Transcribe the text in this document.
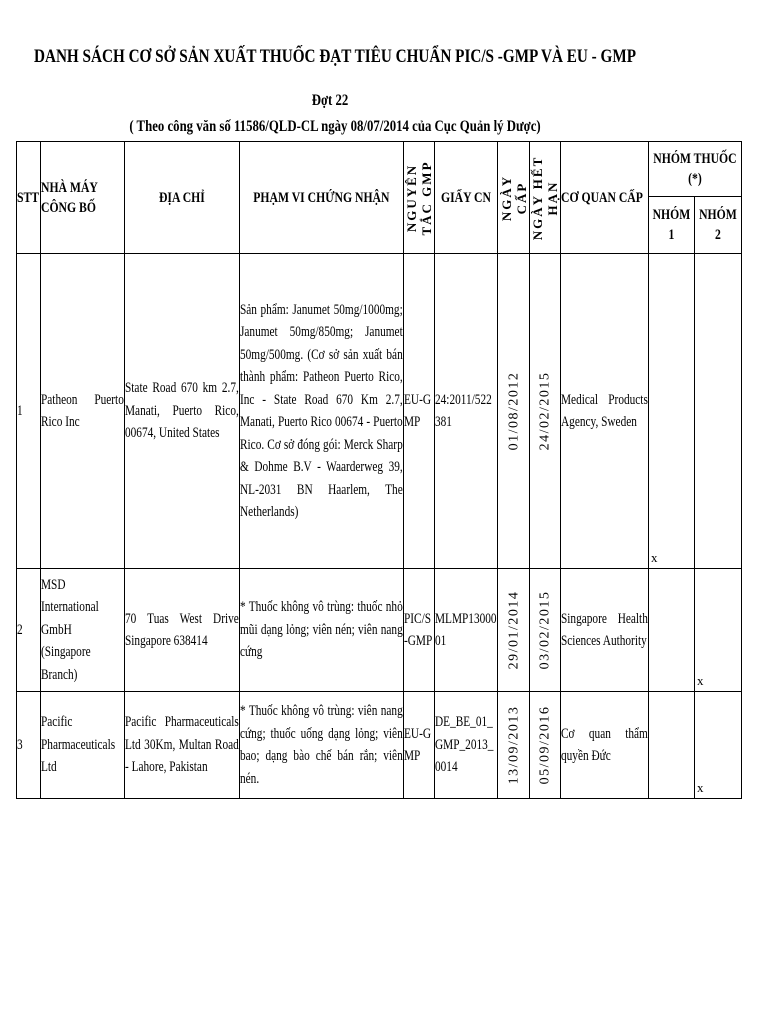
DANH SÁCH CƠ SỞ SẢN XUẤT THUỐC ĐẠT TIÊU CHUẨN PIC/S -GMP VÀ EU - GMP
Đợt 22
( Theo công văn số 11586/QLD-CL ngày 08/07/2014 của Cục Quản lý Dược)
STT	NHÀ MÁY CÔNG BỐ	ĐỊA CHỈ	PHẠM VI CHỨNG NHẬN	NGUYÊN TẮC GMP	GIẤY CN	NGÀY CẤP	NGÀY HẾT HẠN	CƠ QUAN CẤP	NHÓM THUỐC (*)	

									NHÓM 1	NHÓM 2

1	Patheon Puerto Rico Inc	State Road 670 km 2.7, Manati, Puerto Rico, 00674, United States	Sản phẩm: Janumet 50mg/1000mg; Janumet 50mg/850mg; Janumet 50mg/500mg. (Cơ sở sản xuất bán thành phẩm: Patheon Puerto Rico, Inc - State Road 670 Km 2.7, Manati, Puerto Rico 00674 - Puerto Rico. Cơ sở đóng gói: Merck Sharp & Dohme B.V - Waarderweg 39, NL-2031 BN Haarlem, The Netherlands)	EU-GMP	24:2011/522381	01/08/2012	24/02/2015	Medical Products Agency, Sweden	x	

2	MSD International GmbH (Singapore Branch)	70 Tuas West Drive Singapore 638414	* Thuốc không vô trùng: thuốc nhỏ mũi dạng lỏng; viên nén; viên nang cứng	PIC/S-GMP	MLMP1300001	29/01/2014	03/02/2015	Singapore Health Sciences Authority		x

3	Pacific Pharmaceuticals Ltd	Pacific Pharmaceuticals Ltd 30Km, Multan Road - Lahore, Pakistan	* Thuốc không vô trùng: viên nang cứng; thuốc uống dạng lỏng; viên bao; dạng bào chế bán rắn; viên nén.	EU-GMP	DE_BE_01_GMP_2013_0014	13/09/2013	05/09/2016	Cơ quan thẩm quyền Đức		x
